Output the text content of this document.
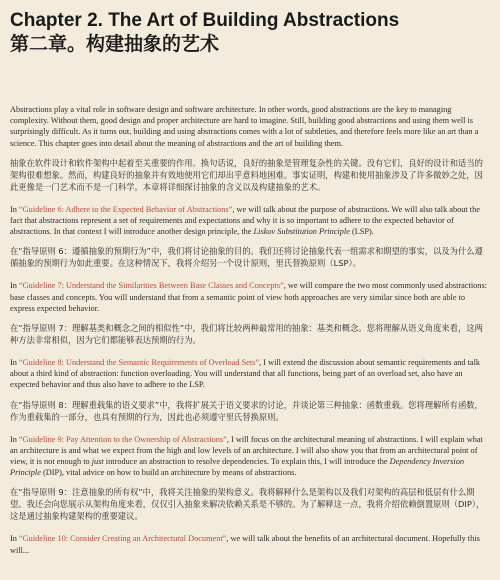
Chapter 2. The Art of Building Abstractions
第二章。构建抽象的艺术

Abstractions play a vital role in software design and software architecture. In other words, good abstractions are the key to managing complexity. Without them, good design and proper architecture are hard to imagine. Still, building good abstractions and using them well is surprisingly difficult. As it turns out, building and using abstractions comes with a lot of subtleties, and therefore feels more like an art than a science. This chapter goes into detail about the meaning of abstractions and the art of building them.

抽象在软件设计和软件架构中起着至关重要的作用。换句话说，良好的抽象是管理复杂性的关键。没有它们，良好的设计和适当的架构很难想象。然而，构建良好的抽象并有效地使用它们却出乎意料地困难。事实证明，构建和使用抽象涉及了许多微妙之处，因此更像是一门艺术而不是一门科学。本章将详细探讨抽象的含义以及构建抽象的艺术。

In “Guideline 6: Adhere to the Expected Behavior of Abstractions”, we will talk about the purpose of abstractions. We will also talk about the fact that abstractions represent a set of requirements and expectations and why it is so important to adhere to the expected behavior of abstractions. In that context I will introduce another design principle, the Liskov Substitution Principle (LSP).

在“指导原则 6：遵循抽象的预期行为”中，我们将讨论抽象的目的。我们还将讨论抽象代表一组需求和期望的事实，以及为什么遵循抽象的预期行为如此重要。在这种情况下，我将介绍另一个设计原则，里氏替换原则（LSP）。

In “Guideline 7: Understand the Similarities Between Base Classes and Concepts”, we will compare the two most commonly used abstractions: base classes and concepts. You will understand that from a semantic point of view both approaches are very similar since both are able to express expected behavior.

在“指导原则 7：理解基类和概念之间的相似性”中，我们将比较两种最常用的抽象：基类和概念。您将理解从语义角度来看，这两种方法非常相似，因为它们都能够表达预期的行为。

In “Guideline 8: Understand the Semantic Requirements of Overload Sets”, I will extend the discussion about semantic requirements and talk about a third kind of abstraction: function overloading. You will understand that all functions, being part of an overload set, also have an expected behavior and thus also have to adhere to the LSP.

在“指导原则 8：理解重载集的语义要求”中，我将扩展关于语义要求的讨论，并谈论第三种抽象：函数重载。您将理解所有函数，作为重载集的一部分，也具有预期的行为，因此也必须遵守里氏替换原则。

In “Guideline 9: Pay Attention to the Ownership of Abstractions”, I will focus on the architectural meaning of abstractions. I will explain what an architecture is and what we expect from the high and low levels of an architecture. I will also show you that from an architectural point of view, it is not enough to just introduce an abstraction to resolve dependencies. To explain this, I will introduce the Dependency Inversion Principle (DIP), vital advice on how to build an architecture by means of abstractions.

在“指导原则 9：注意抽象的所有权”中，我将关注抽象的架构意义。我将解释什么是架构以及我们对架构的高层和低层有什么期望。我还会向您展示从架构角度来看，仅仅引入抽象来解决依赖关系是不够的。为了解释这一点，我将介绍依赖倒置原则（DIP），这是通过抽象构建架构的重要建议。

In “Guideline 10: Consider Creating an Architectural Document”, we will talk about the benefits of an architectural document. Hopefully this will...
